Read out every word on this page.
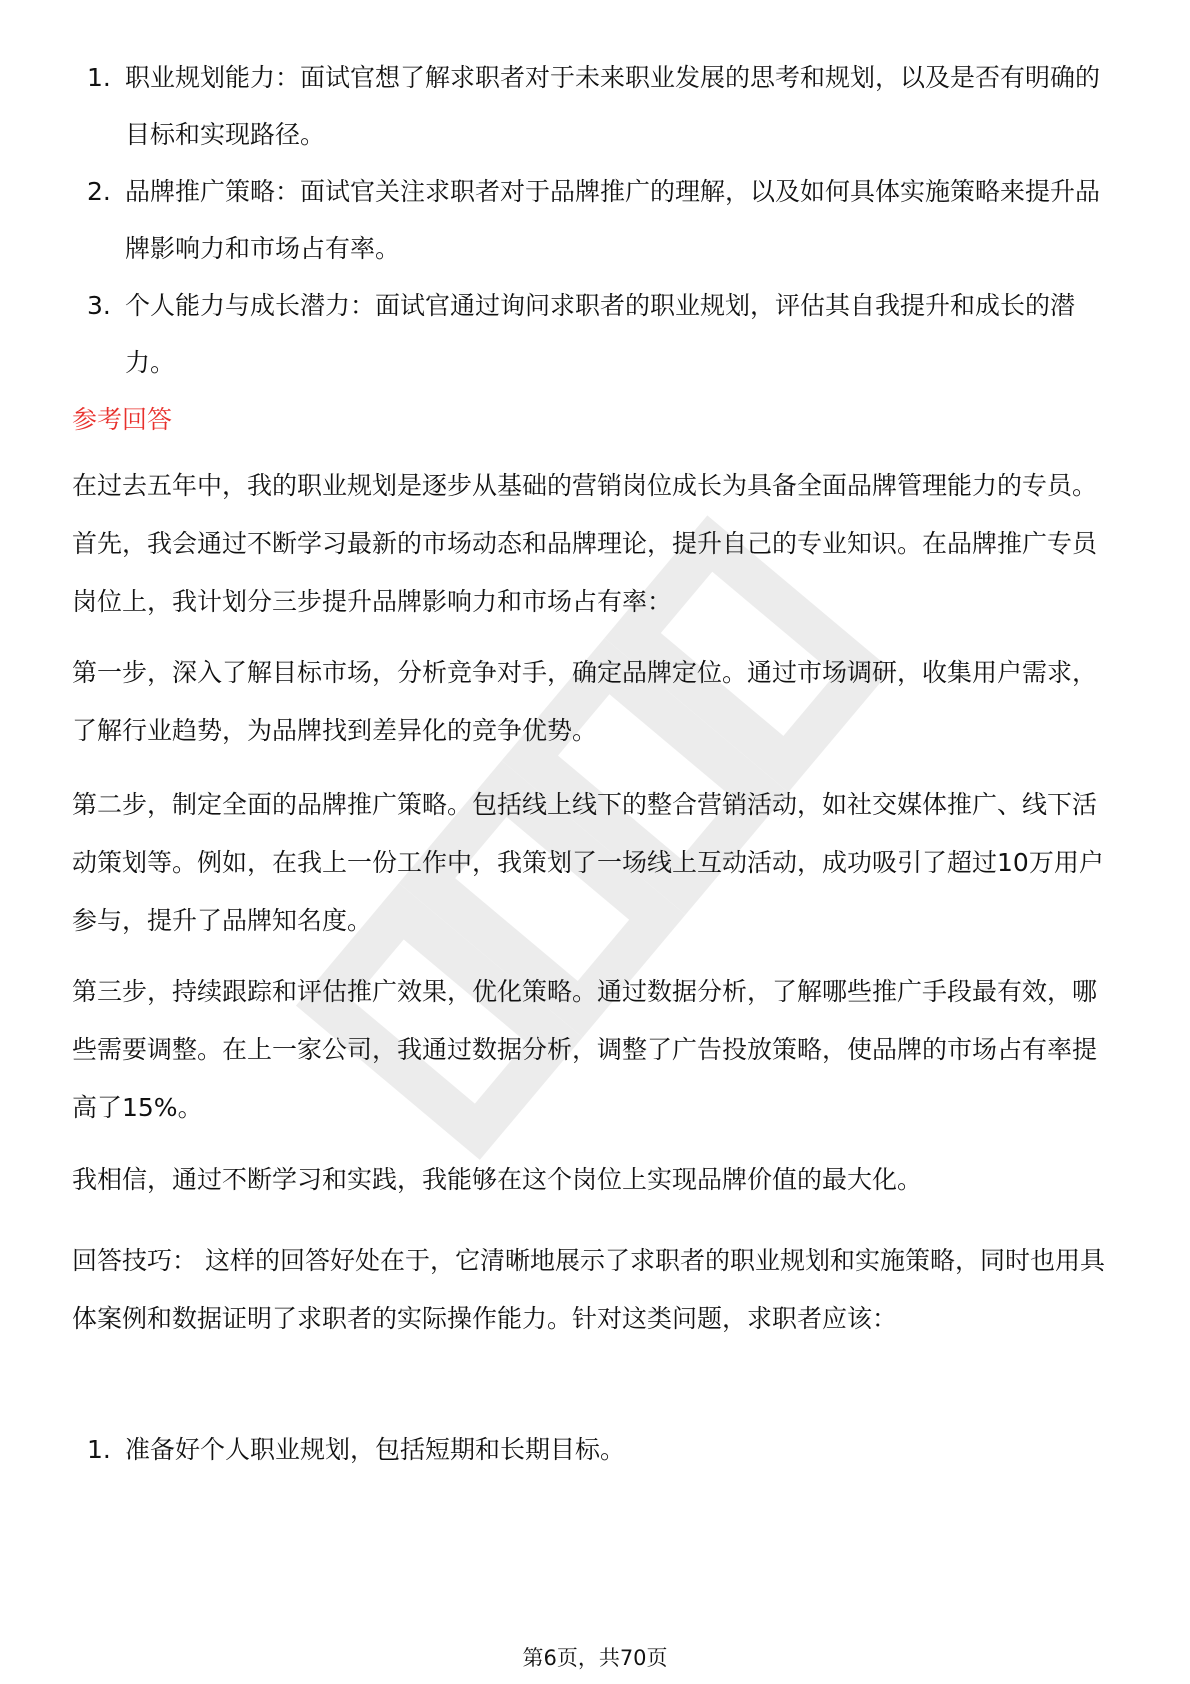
1. 职业规划能力：面试官想了解求职者对于未来职业发展的思考和规划，以及是否有明确的目标和实现路径。
2. 品牌推广策略：面试官关注求职者对于品牌推广的理解，以及如何具体实施策略来提升品牌影响力和市场占有率。
3. 个人能力与成长潜力：面试官通过询问求职者的职业规划，评估其自我提升和成长的潜力。
参考回答
在过去五年中，我的职业规划是逐步从基础的营销岗位成长为具备全面品牌管理能力的专员。首先，我会通过不断学习最新的市场动态和品牌理论，提升自己的专业知识。在品牌推广专员岗位上，我计划分三步提升品牌影响力和市场占有率：
第一步，深入了解目标市场，分析竞争对手，确定品牌定位。通过市场调研，收集用户需求，了解行业趋势，为品牌找到差异化的竞争优势。
第二步，制定全面的品牌推广策略。包括线上线下的整合营销活动，如社交媒体推广、线下活动策划等。例如，在我上一份工作中，我策划了一场线上互动活动，成功吸引了超过10万用户参与，提升了品牌知名度。
第三步，持续跟踪和评估推广效果，优化策略。通过数据分析，了解哪些推广手段最有效，哪些需要调整。在上一家公司，我通过数据分析，调整了广告投放策略，使品牌的市场占有率提高了15%。
我相信，通过不断学习和实践，我能够在这个岗位上实现品牌价值的最大化。
回答技巧： 这样的回答好处在于，它清晰地展示了求职者的职业规划和实施策略，同时也用具体案例和数据证明了求职者的实际操作能力。针对这类问题，求职者应该：
1. 准备好个人职业规划，包括短期和长期目标。
第6页，共70页
